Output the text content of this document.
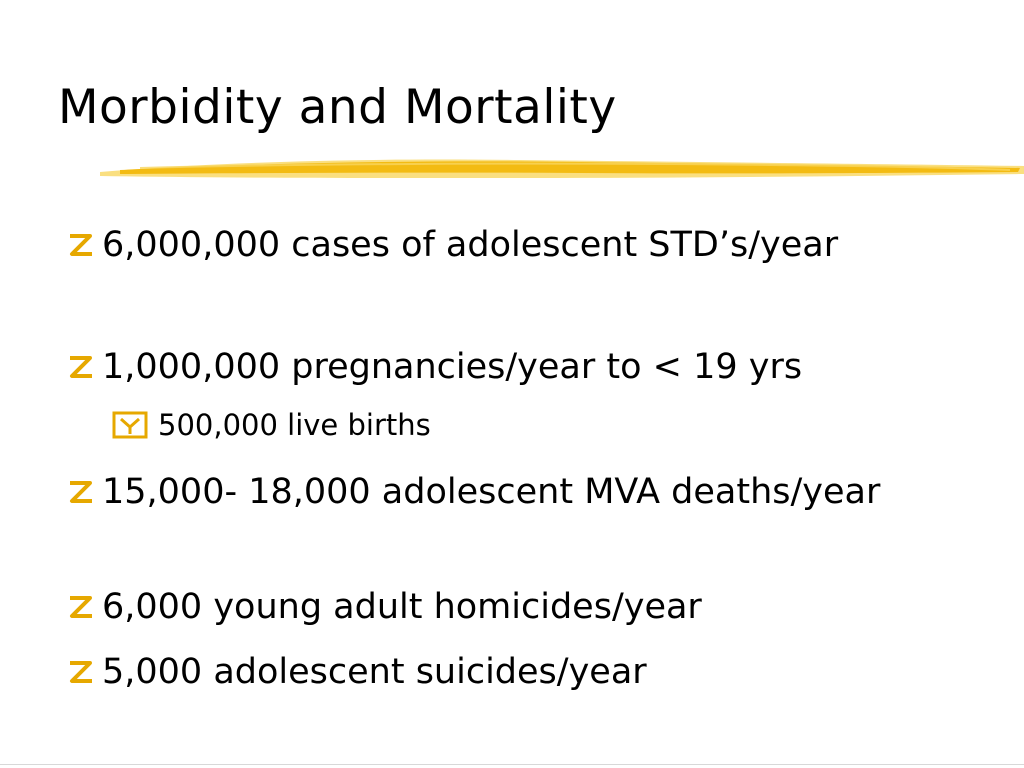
Morbidity and Mortality
6,000,000 cases of adolescent STD’s/year
1,000,000 pregnancies/year to < 19 yrs
500,000 live births
15,000- 18,000 adolescent MVA deaths/year
6,000 young adult homicides/year
5,000 adolescent suicides/year
